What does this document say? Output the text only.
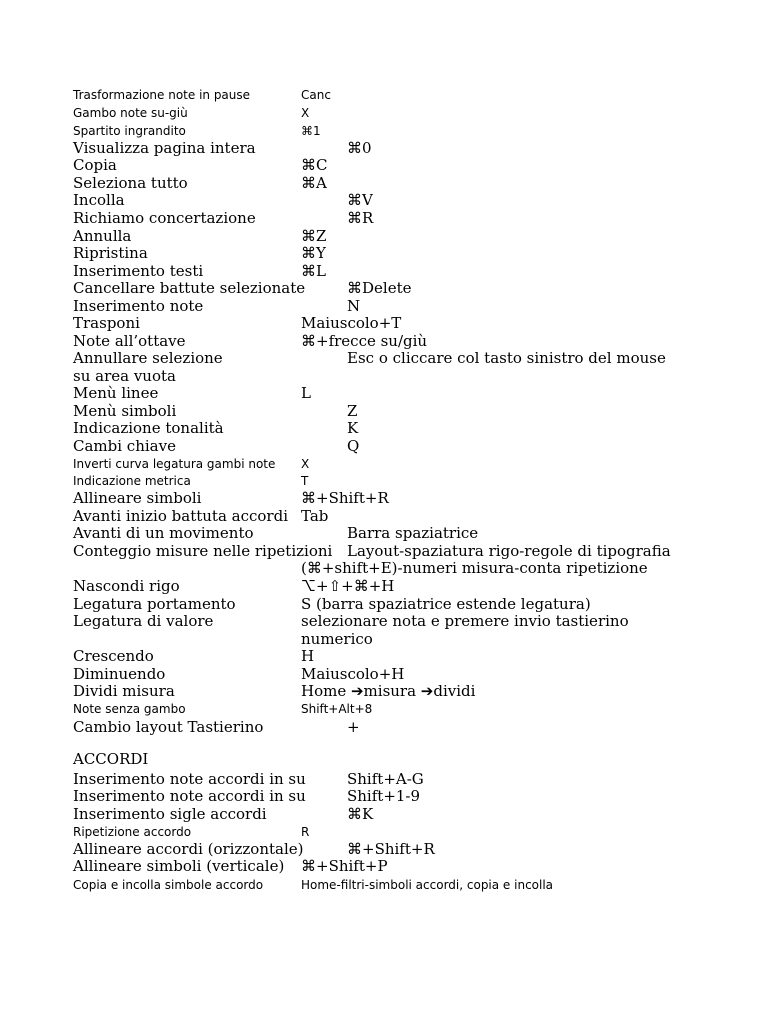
Trasformazione note in pause	Canc
Gambo note su-giù	X
Spartito ingrandito	⌘1
Visualizza pagina intera	⌘0
Copia	⌘C
Seleziona tutto	⌘A
Incolla	⌘V
Richiamo concertazione	⌘R
Annulla	⌘Z
Ripristina	⌘Y
Inserimento testi	⌘L
Cancellare battute selezionate	⌘Delete
Inserimento note	N
Trasponi	Maiuscolo+T
Note all’ottave	⌘+frecce su/giù
Annullare selezione	Esc o cliccare col tasto sinistro del mouse
su area vuota
Menù linee	L
Menù simboli	Z
Indicazione tonalità	K
Cambi chiave	Q
Inverti curva legatura gambi note X
Indicazione metrica	T
Allineare simboli	⌘+Shift+R
Avanti inizio battuta accordi Tab
Avanti di un movimento	Barra spaziatrice
Conteggio misure nelle ripetizioni Layout-spaziatura rigo-regole di tipografia
(⌘+shift+E)-numeri misura-conta ripetizione
Nascondi rigo	⌥+⇧+⌘+H
Legatura portamento	S (barra spaziatrice estende legatura)
Legatura di valore	selezionare nota e premere invio tastierino
numerico
Crescendo	H
Diminuendo	Maiuscolo+H
Dividi misura	Home ➔misura ➔dividi
Note senza gambo	Shift+Alt+8
Cambio layout Tastierino	+
ACCORDI
Inserimento note accordi in su	Shift+A-G
Inserimento note accordi in su	Shift+1-9
Inserimento sigle accordi	⌘K
Ripetizione accordo	R
Allineare accordi (orizzontale)	⌘+Shift+R
Allineare simboli (verticale) ⌘+Shift+P
Copia e incolla simbole accordo	Home-filtri-simboli accordi, copia e incolla
